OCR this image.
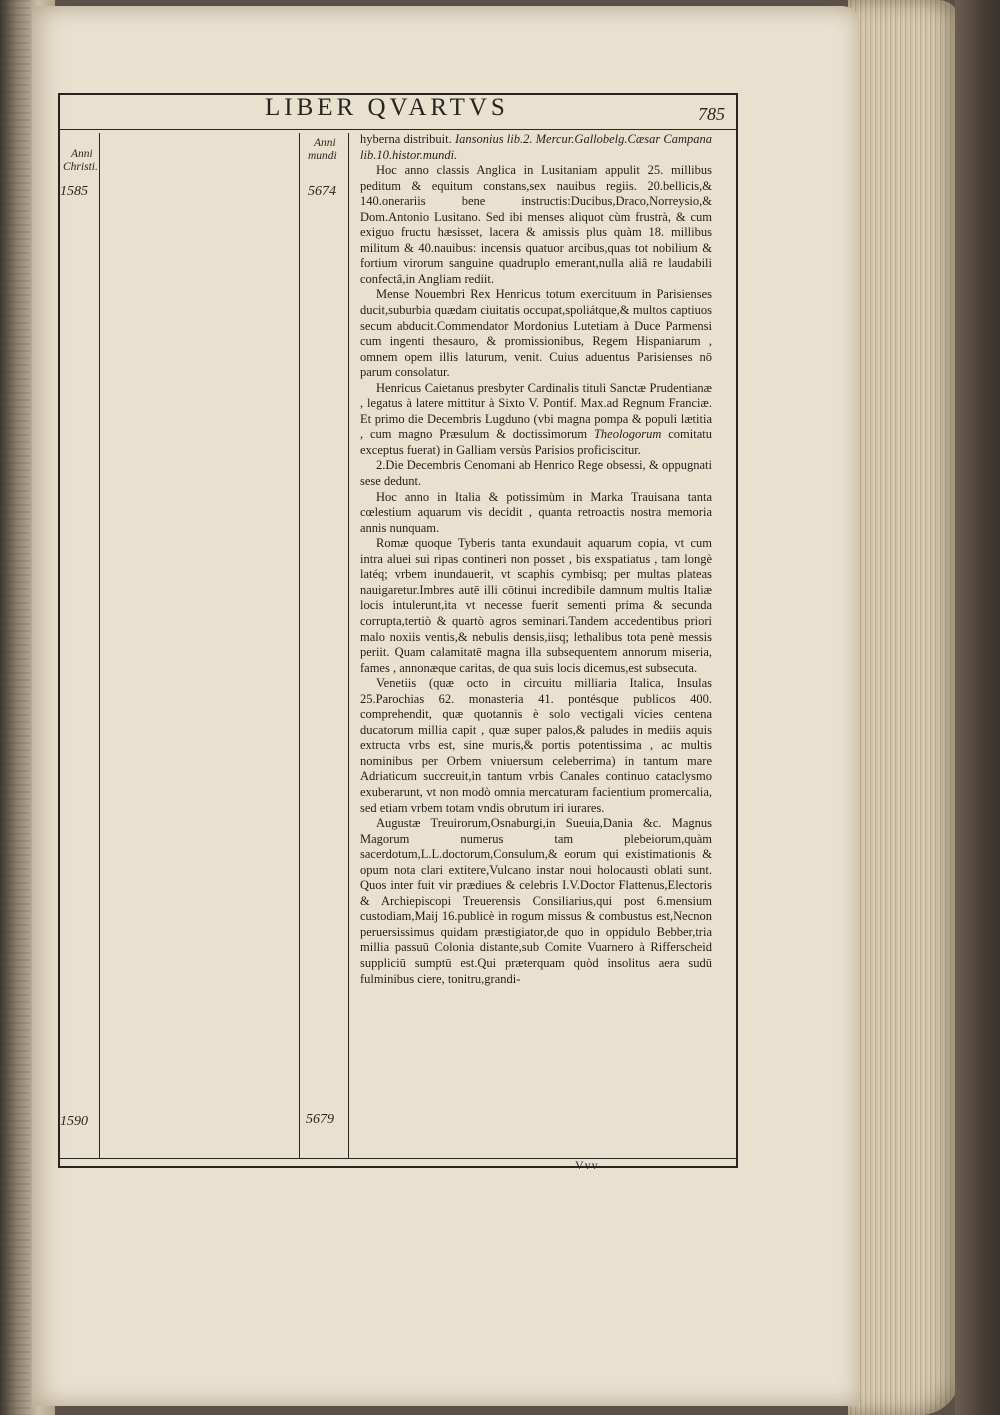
LIBER QVARTVS	785
Anni
Christi.
Anni
mundi
1585	5674
1590	5679

hyberna distribuit. Iansonius lib.2. Mercur.Gallobelg.Cæsar Campana lib.10.histor.mundi.

Hoc anno classis Anglica in Lusitaniam appulit 25. millibus peditum & equitum constans,sex nauibus regiis. 20.bellicis,& 140.onerariis bene instructis:Ducibus,Draco,Norreysio,& Dom.Antonio Lusitano. Sed ibi menses aliquot cùm frustrà, & cum exiguo fructu hæsisset, lacera & amissis plus quàm 18. millibus militum & 40.nauibus: incensis quatuor arcibus,quas tot nobilium & fortium virorum sanguine quadruplo emerant,nulla aliâ re laudabili confectâ,in Angliam rediit.

Mense Nouembri Rex Henricus totum exercituum in Parisienses ducit,suburbia quædam ciuitatis occupat,spoliátque,& multos captiuos secum abducit.Commendator Mordonius Lutetiam à Duce Parmensi cum ingenti thesauro, & promissionibus, Regem Hispaniarum , omnem opem illis laturum, venit. Cuius aduentus Parisienses nō parum consolatur.

Henricus Caietanus presbyter Cardinalis tituli Sanctæ Prudentianæ , legatus à latere mittitur à Sixto V. Pontif. Max.ad Regnum Franciæ. Et primo die Decembris Lugduno (vbi magna pompa & populi lætitia , cum magno Præsulum & doctissimorum Theologorum comitatu exceptus fuerat) in Galliam versùs Parisios proficiscitur.

2.Die Decembris Cenomani ab Henrico Rege obsessi, & oppugnati sese dedunt.

Hoc anno in Italia & potissimùm in Marka Trauisana tanta cœlestium aquarum vis decidit , quanta retroactis nostra memoria annis nunquam.

Romæ quoque Tyberis tanta exundauit aquarum copia, vt cum intra aluei sui ripas contineri non posset , bis exspatiatus , tam longè latéq; vrbem inundauerit, vt scaphis cymbisq; per multas plateas nauigaretur.Imbres autē illi cōtinui incredibile damnum multis Italiæ locis intulerunt,ita vt necesse fuerit sementi prima & secunda corrupta,tertiò & quartò agros seminari.Tandem accedentibus priori malo noxiis ventis,& nebulis densis,iisq; lethalibus tota penè messis periit. Quam calamitatē magna illa subsequentem annorum miseria, fames , annonæque caritas, de qua suis locis dicemus,est subsecuta.

Venetiis (quæ octo in circuitu milliaria Italica, Insulas 25.Parochias 62. monasteria 41. pontésque publicos 400. comprehendit, quæ quotannis è solo vectigali vicies centena ducatorum millia capit , quæ super palos,& paludes in mediis aquis extructa vrbs est, sine muris,& portis potentissima , ac multis nominibus per Orbem vniuersum celeberrima) in tantum mare Adriaticum succreuit,in tantum vrbis Canales continuo cataclysmo exuberarunt, vt non modò omnia mercaturam facientium promercalia, sed etiam vrbem totam vndis obrutum iri iurares.

Augustæ Treuirorum,Osnaburgi,in Sueuia,Dania &c. Magnus Magorum numerus tam plebeiorum,quàm sacerdotum,L.L.doctorum,Consulum,& eorum qui existimationis & opum nota clari extitere,Vulcano instar noui holocausti oblati sunt. Quos inter fuit vir prædiues & celebris I.V.Doctor Flattenus,Electoris & Archiepiscopi Treuerensis Consiliarius,qui post 6.mensium custodiam,Maij 16.publicè in rogum missus & combustus est,Necnon peruersissimus quidam præstigiator,de quo in oppidulo Bebber,tria millia passuū Colonia distante,sub Comite Vuarnero à Rifferscheid suppliciū sumptū est.Qui præterquam quòd insolitus aera sudū fulminibus ciere, tonitru,grandi-

Vvv
